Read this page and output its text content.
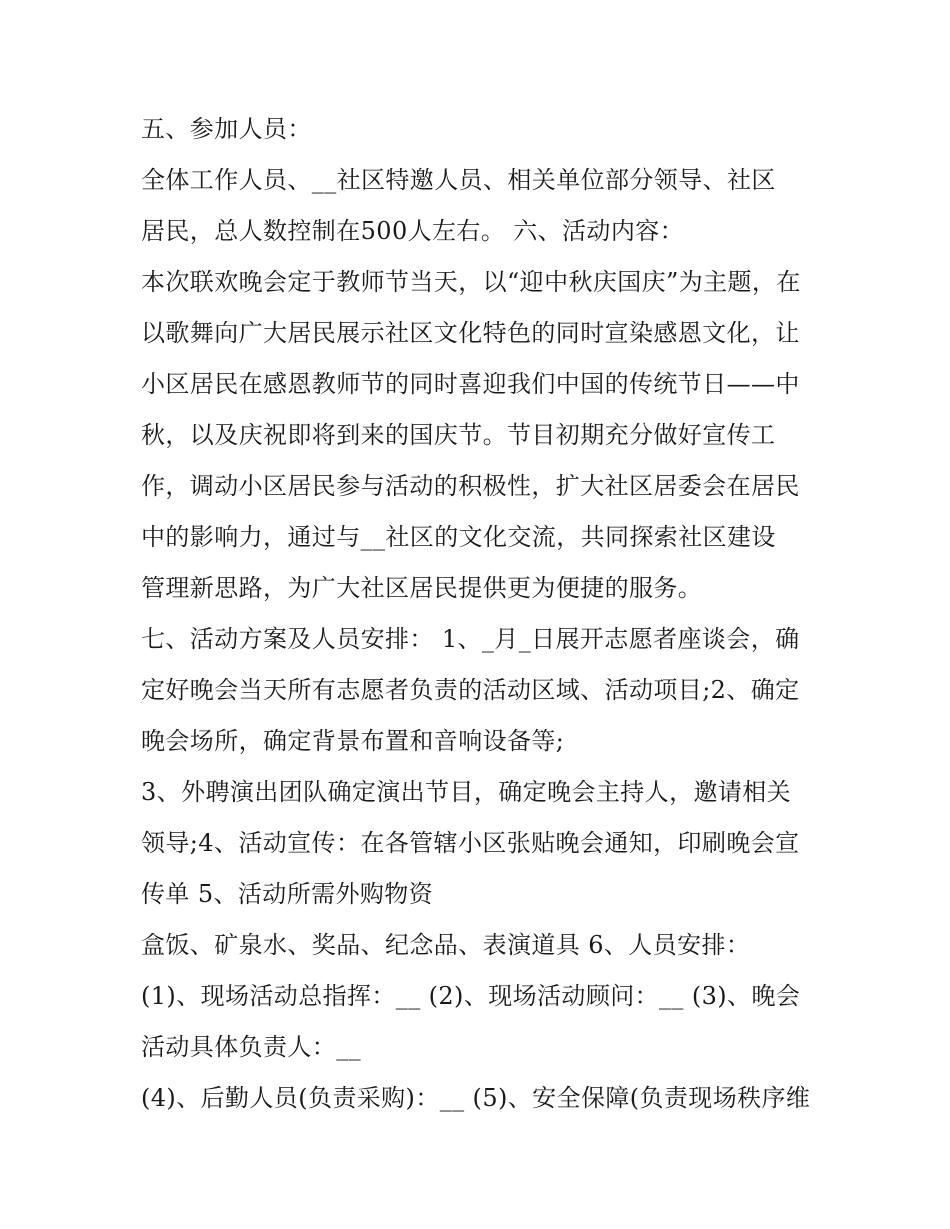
五、参加人员：
全体工作人员、__社区特邀人员、相关单位部分领导、社区
居民，总人数控制在500人左右。 六、活动内容：
本次联欢晚会定于教师节当天，以“迎中秋庆国庆”为主题，在
以歌舞向广大居民展示社区文化特色的同时宣染感恩文化，让
小区居民在感恩教师节的同时喜迎我们中国的传统节日——中
秋，以及庆祝即将到来的国庆节。节目初期充分做好宣传工
作，调动小区居民参与活动的积极性，扩大社区居委会在居民
中的影响力，通过与__社区的文化交流，共同探索社区建设
管理新思路，为广大社区居民提供更为便捷的服务。
七、活动方案及人员安排： 1、_月_日展开志愿者座谈会，确
定好晚会当天所有志愿者负责的活动区域、活动项目;2、确定
晚会场所，确定背景布置和音响设备等;
3、外聘演出团队确定演出节目，确定晚会主持人，邀请相关
领导;4、活动宣传：在各管辖小区张贴晚会通知，印刷晚会宣
传单 5、活动所需外购物资
盒饭、矿泉水、奖品、纪念品、表演道具 6、人员安排：
(1)、现场活动总指挥：__ (2)、现场活动顾问：__ (3)、晚会
活动具体负责人：__
(4)、后勤人员(负责采购)：__ (5)、安全保障(负责现场秩序维
